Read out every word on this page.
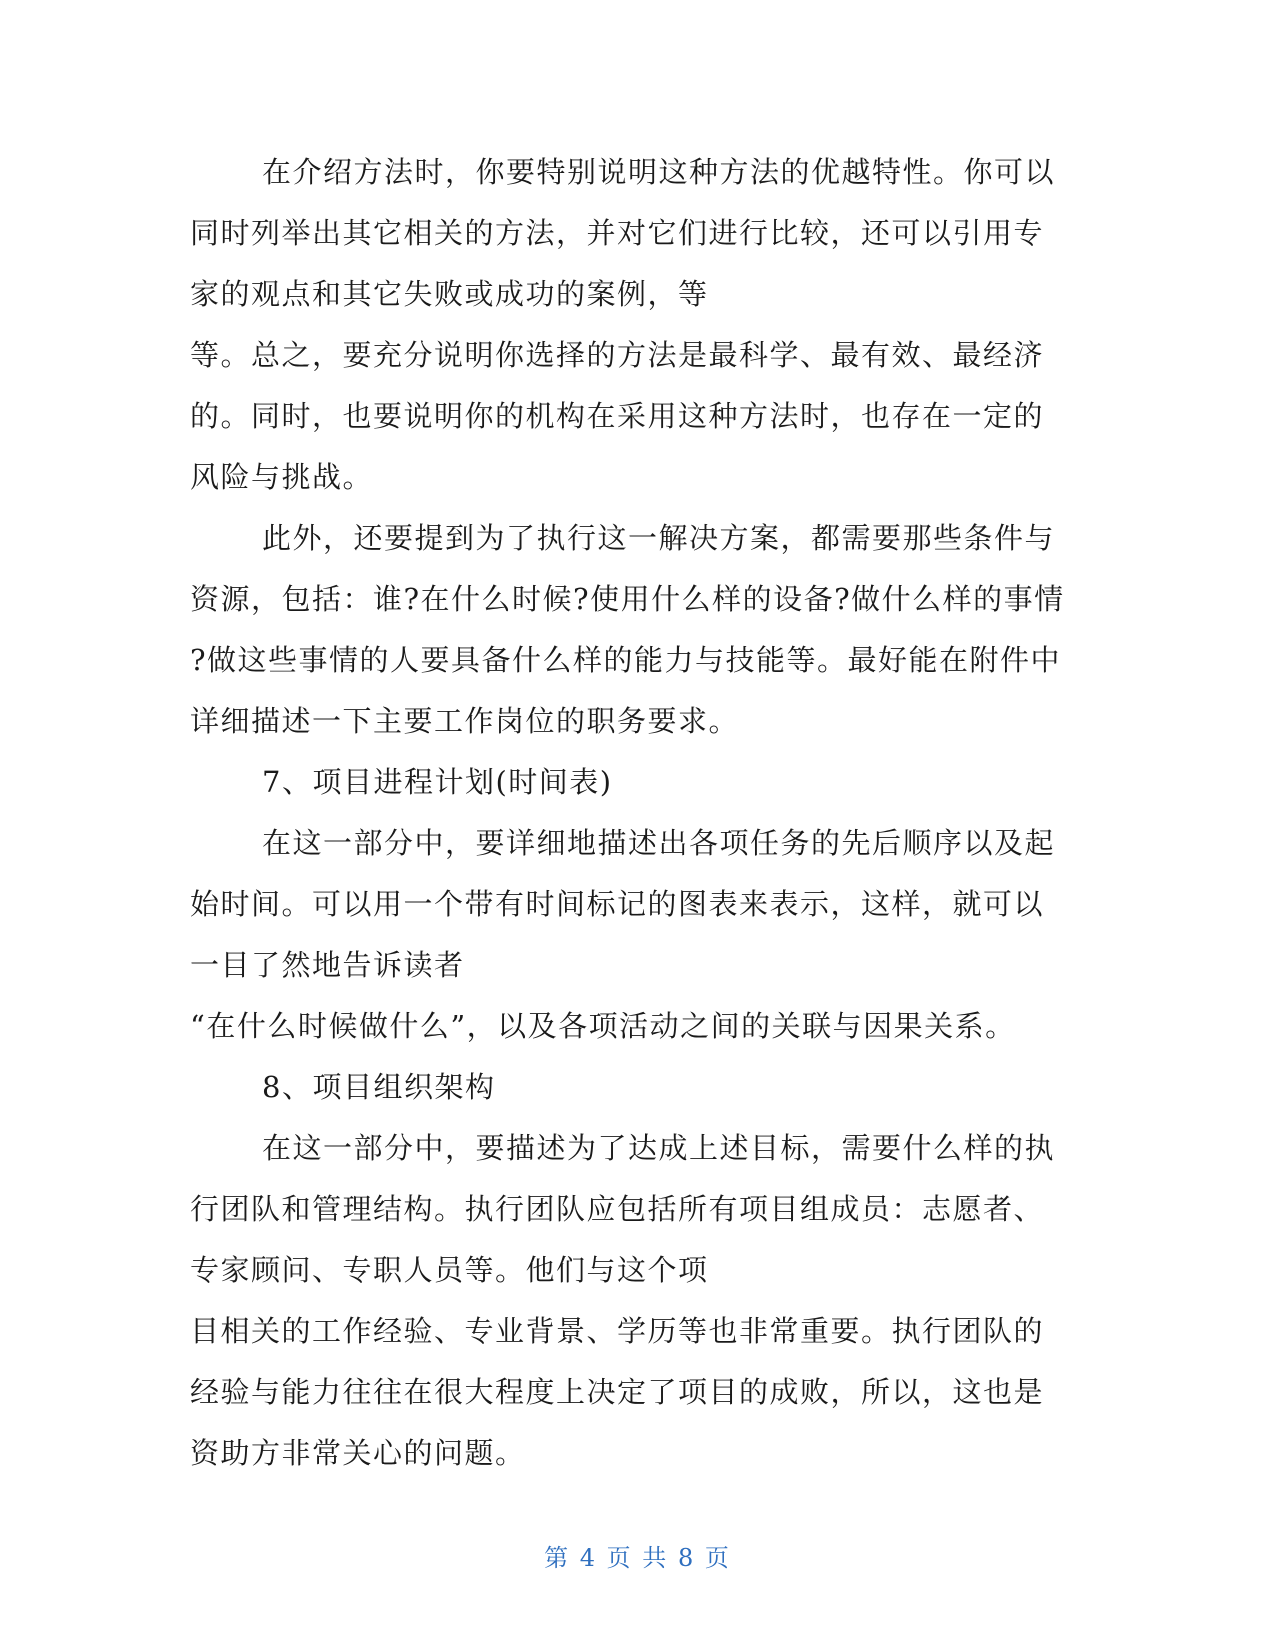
在介绍方法时，你要特别说明这种方法的优越特性。你可以
同时列举出其它相关的方法，并对它们进行比较，还可以引用专
家的观点和其它失败或成功的案例，等
等。总之，要充分说明你选择的方法是最科学、最有效、最经济
的。同时，也要说明你的机构在采用这种方法时，也存在一定的
风险与挑战。
此外，还要提到为了执行这一解决方案，都需要那些条件与
资源，包括：谁?在什么时候?使用什么样的设备?做什么样的事情
?做这些事情的人要具备什么样的能力与技能等。最好能在附件中
详细描述一下主要工作岗位的职务要求。
7、项目进程计划(时间表)
在这一部分中，要详细地描述出各项任务的先后顺序以及起
始时间。可以用一个带有时间标记的图表来表示，这样，就可以
一目了然地告诉读者
“在什么时候做什么”，以及各项活动之间的关联与因果关系。
8、项目组织架构
在这一部分中，要描述为了达成上述目标，需要什么样的执
行团队和管理结构。执行团队应包括所有项目组成员：志愿者、
专家顾问、专职人员等。他们与这个项
目相关的工作经验、专业背景、学历等也非常重要。执行团队的
经验与能力往往在很大程度上决定了项目的成败，所以，这也是
资助方非常关心的问题。
第 4 页 共 8 页
